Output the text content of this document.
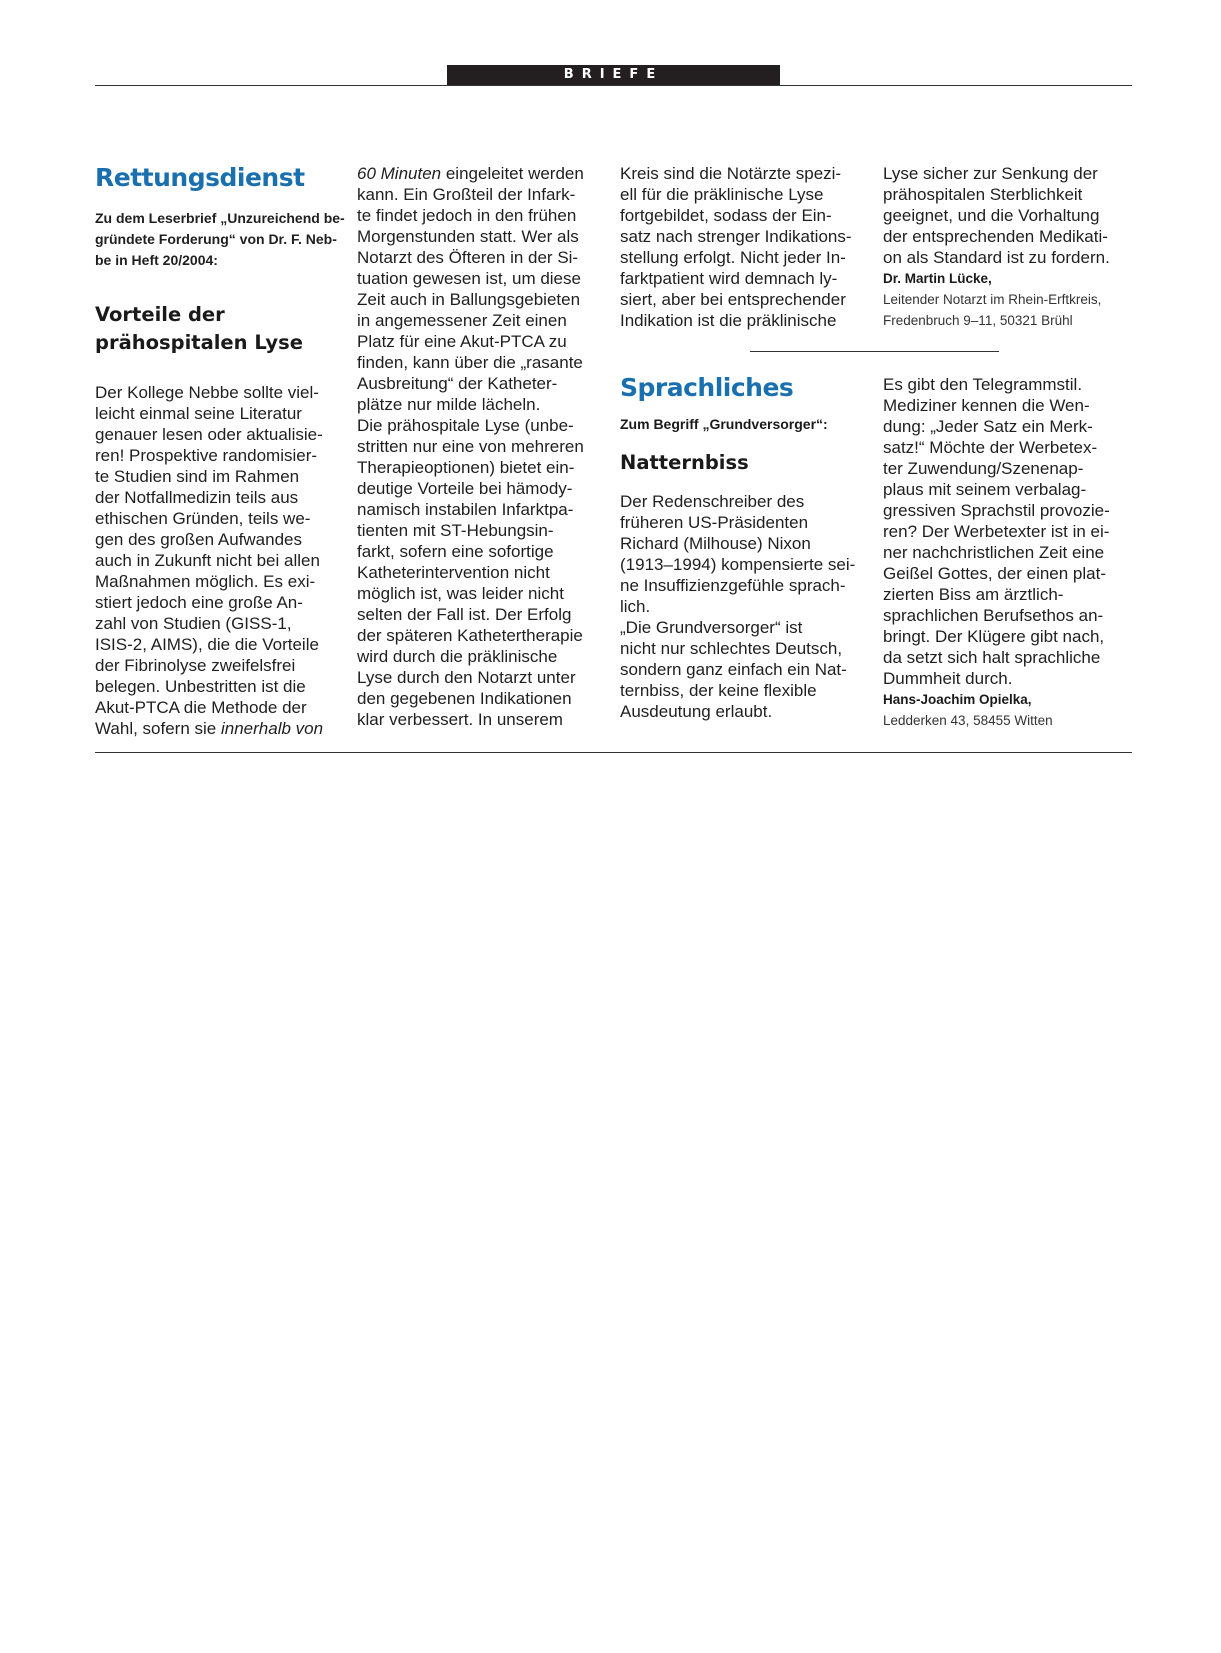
BRIEFE
Rettungsdienst

Zu dem Leserbrief „Unzureichend be-
gründete Forderung“ von Dr. F. Neb-
be in Heft 20/2004:

Vorteile der

prähospitalen Lyse

Der Kollege Nebbe sollte viel-
leicht einmal seine Literatur
genauer lesen oder aktualisie-
ren! Prospektive randomisier-
te Studien sind im Rahmen
der Notfallmedizin teils aus
ethischen Gründen, teils we-
gen des großen Aufwandes
auch in Zukunft nicht bei allen
Maßnahmen möglich. Es exi-
stiert jedoch eine große An-
zahl von Studien (GISS-1,
ISIS-2, AIMS), die die Vorteile
der Fibrinolyse zweifelsfrei
belegen. Unbestritten ist die
Akut-PTCA die Methode der
Wahl, sofern sie innerhalb von

60 Minuten eingeleitet werden
kann. Ein Großteil der Infark-
te findet jedoch in den frühen
Morgenstunden statt. Wer als
Notarzt des Öfteren in der Si-
tuation gewesen ist, um diese
Zeit auch in Ballungsgebieten
in angemessener Zeit einen
Platz für eine Akut-PTCA zu
finden, kann über die „rasante
Ausbreitung“ der Katheter-
plätze nur milde lächeln.
Die prähospitale Lyse (unbe-
stritten nur eine von mehreren
Therapieoptionen) bietet ein-
deutige Vorteile bei hämody-
namisch instabilen Infarktpa-
tienten mit ST-Hebungsin-
farkt, sofern eine sofortige
Katheterintervention nicht
möglich ist, was leider nicht
selten der Fall ist. Der Erfolg
der späteren Kathetertherapie
wird durch die präklinische
Lyse durch den Notarzt unter
den gegebenen Indikationen
klar verbessert. In unserem

Kreis sind die Notärzte spezi-
ell für die präklinische Lyse
fortgebildet, sodass der Ein-
satz nach strenger Indikations-
stellung erfolgt. Nicht jeder In-
farktpatient wird demnach ly-
siert, aber bei entsprechender
Indikation ist die präklinische

Lyse sicher zur Senkung der
prähospitalen Sterblichkeit
geeignet, und die Vorhaltung
der entsprechenden Medikati-
on als Standard ist zu fordern.

Dr. Martin Lücke,

Leitender Notarzt im Rhein-Erftkreis,

Fredenbruch 9–11, 50321 Brühl

Sprachliches

Zum Begriff „Grundversorger“:

Natternbiss

Der Redenschreiber des
früheren US-Präsidenten
Richard (Milhouse) Nixon
(1913–1994) kompensierte sei-
ne Insuffizienzgefühle sprach-
lich.
„Die Grundversorger“ ist
nicht nur schlechtes Deutsch,
sondern ganz einfach ein Nat-
ternbiss, der keine flexible
Ausdeutung erlaubt.

Es gibt den Telegrammstil.
Mediziner kennen die Wen-
dung: „Jeder Satz ein Merk-
satz!“ Möchte der Werbetex-
ter Zuwendung/Szenenap-
plaus mit seinem verbalag-
gressiven Sprachstil provozie-
ren? Der Werbetexter ist in ei-
ner nachchristlichen Zeit eine
Geißel Gottes, der einen plat-
zierten Biss am ärztlich-
sprachlichen Berufsethos an-
bringt. Der Klügere gibt nach,
da setzt sich halt sprachliche
Dummheit durch.

Hans-Joachim Opielka,

Ledderken 43, 58455 Witten
